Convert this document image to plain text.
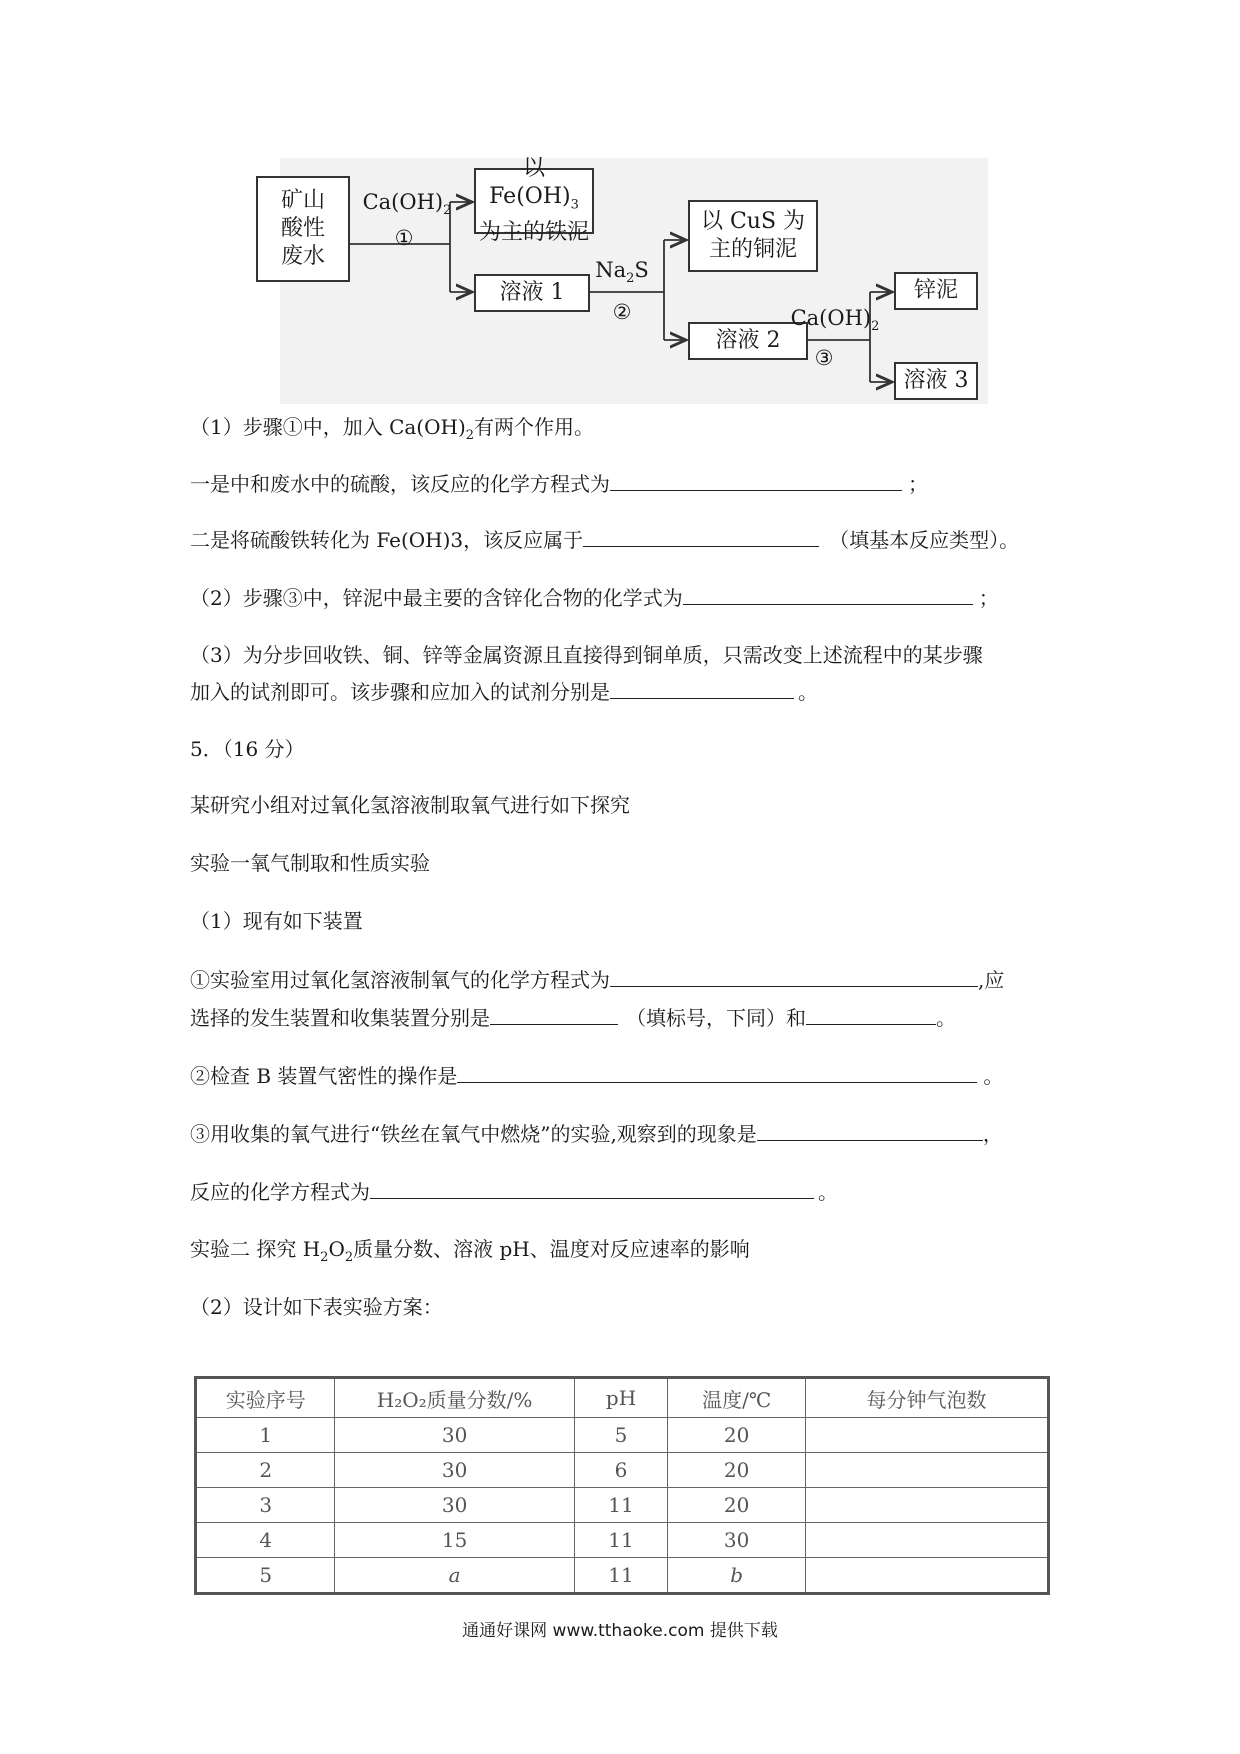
矿山
酸性
废水
$Ca(OH)_2$
①
以 $Fe(OH)_3$
为主的铁泥
溶液 1
$Na_2S$
②
以 CuS 为
主的铜泥
溶液 2
$Ca(OH)_2$
③
锌泥
溶液 3
（1）步骤①中，加入 $Ca(OH)_2$有两个作用。
一是中和废水中的硫酸，该反应的化学方程式为	；
二是将硫酸铁转化为 Fe(OH)3，该反应属于	（填基本反应类型）。
（2）步骤③中，锌泥中最主要的含锌化合物的化学式为	；
（3）为分步回收铁、铜、锌等金属资源且直接得到铜单质，只需改变上述流程中的某步骤
加入的试剂即可。该步骤和应加入的试剂分别是	。
5．（16 分）
某研究小组对过氧化氢溶液制取氧气进行如下探究
实验一氧气制取和性质实验
（1）现有如下装置
①实验室用过氧化氢溶液制氧气的化学方程式为	,应
选择的发生装置和收集装置分别是	（填标号，下同）和	。
②检查 B 装置气密性的操作是	。
③用收集的氧气进行“铁丝在氧气中燃烧”的实验,观察到的现象是	，
反应的化学方程式为	。
实验二 探究 $H_2O_2$质量分数、溶液 pH、温度对反应速率的影响
（2）设计如下表实验方案：
实验序号	H₂O₂质量分数/%	pH	温度/℃	每分钟气泡数
1	30	5	20	
2	30	6	20	
3	30	11	20	
4	15	11	30	
5	a	11	b	
通通好课网 www.tthaoke.com 提供下载
